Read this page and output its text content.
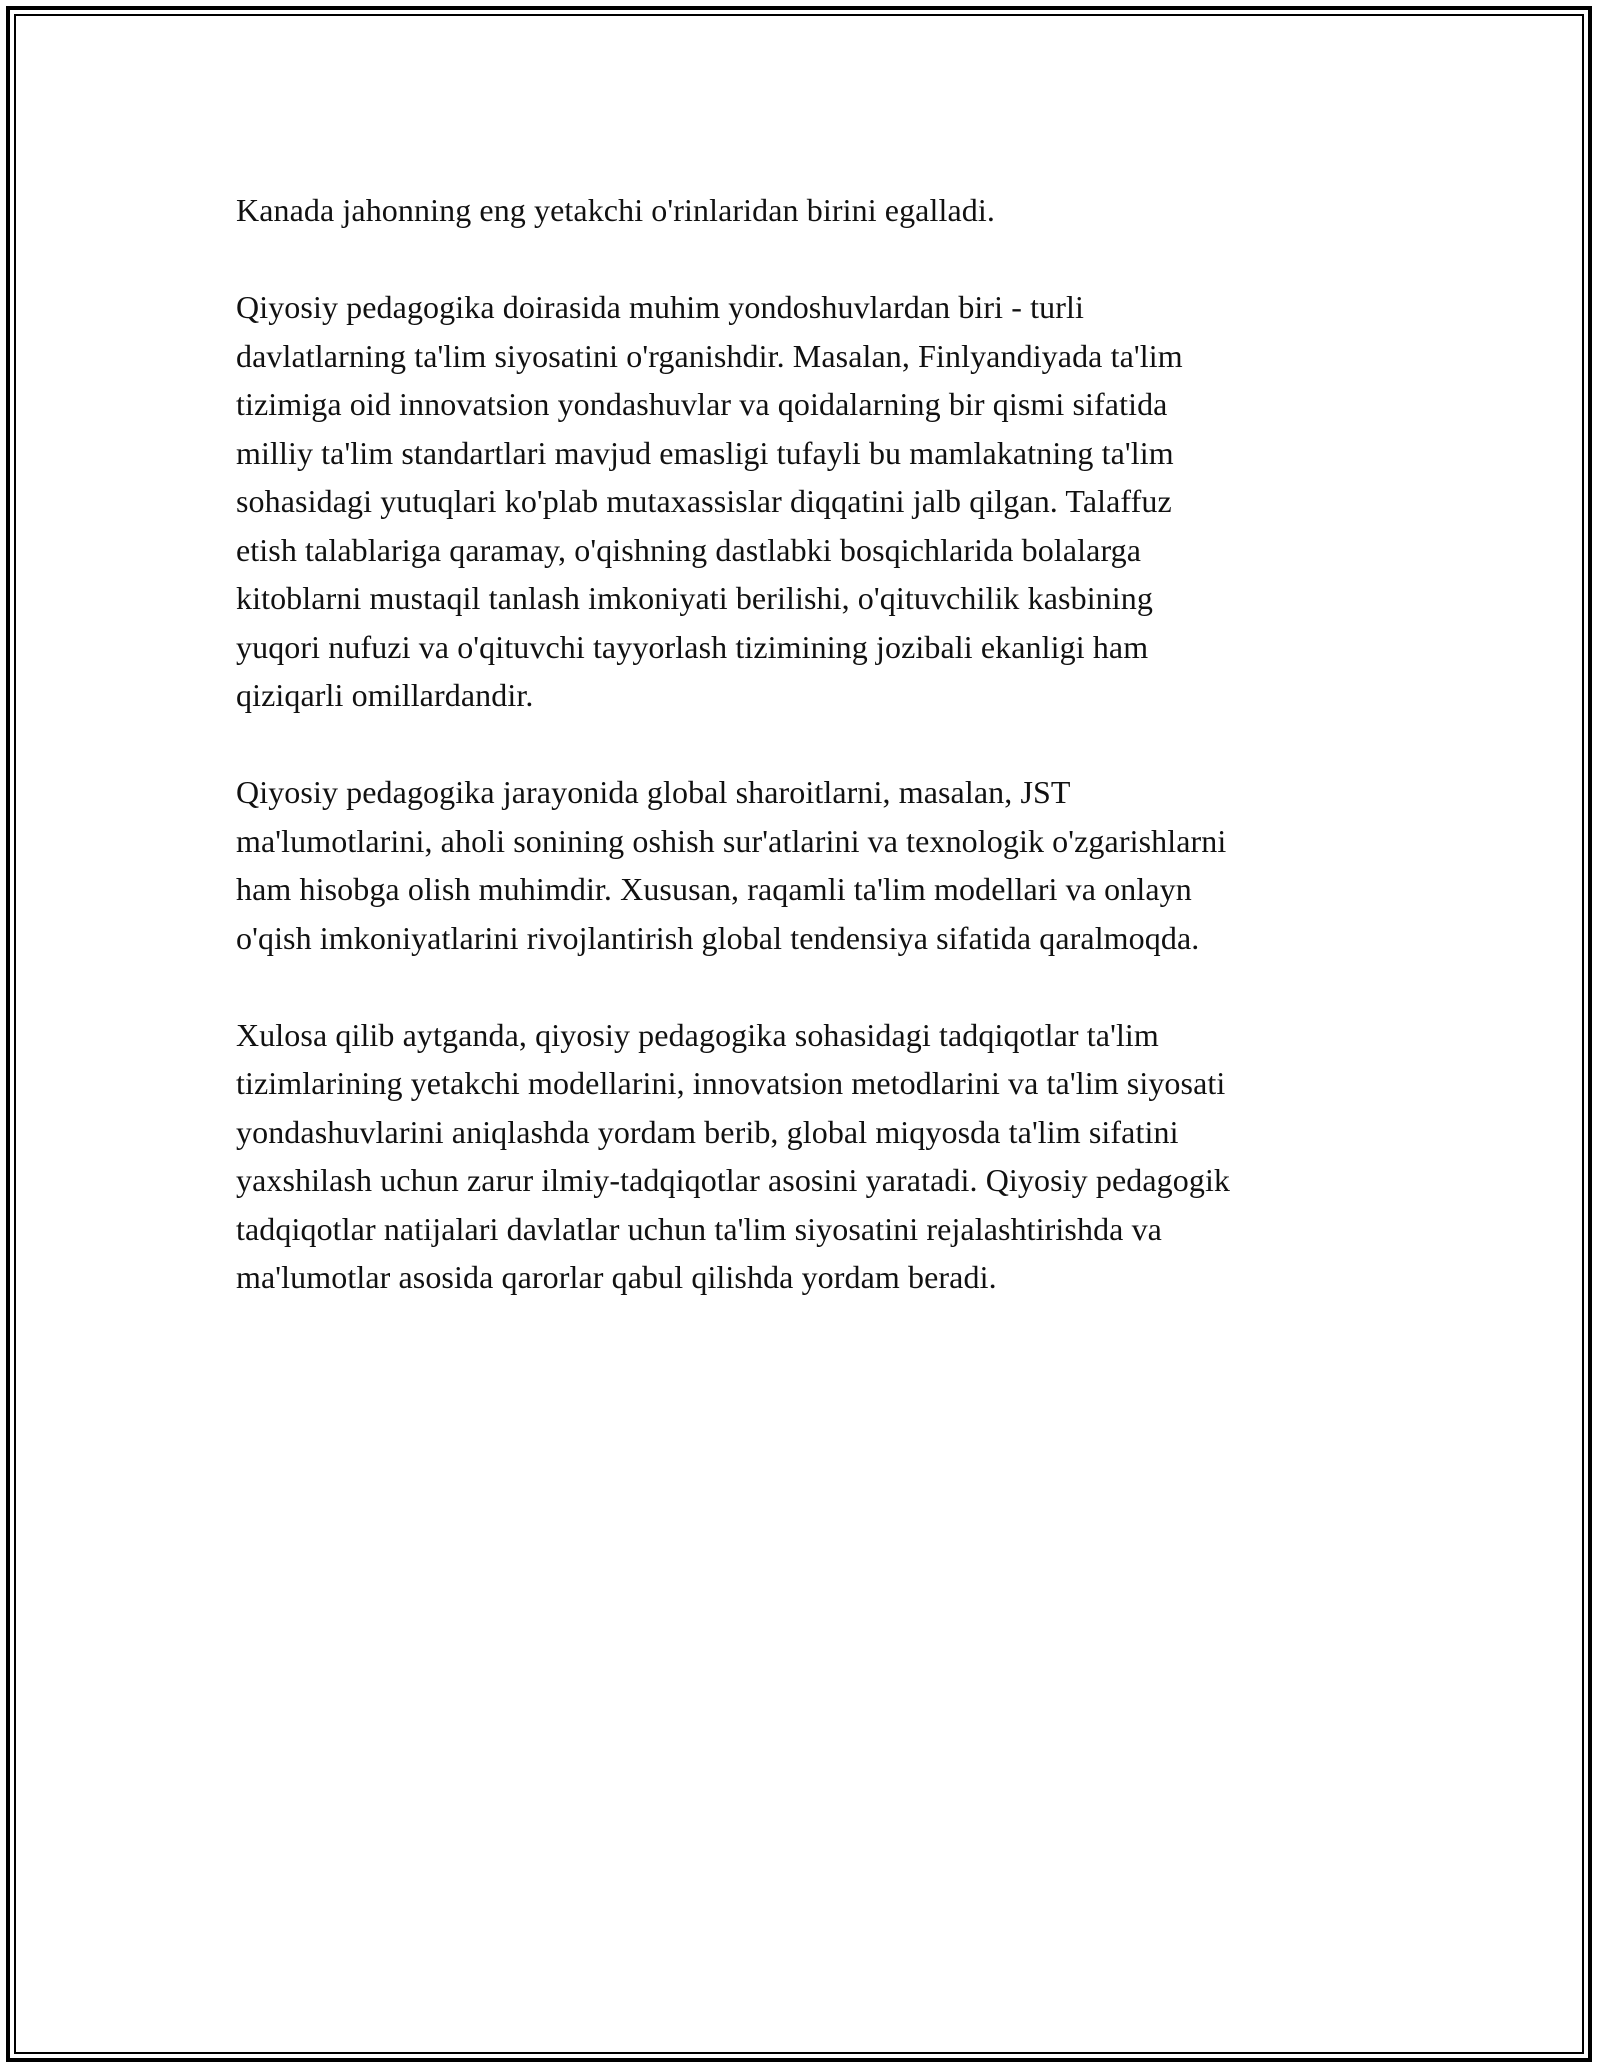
Kanada jahonning eng yetakchi o'rinlaridan birini egalladi.

Qiyosiy pedagogika doirasida muhim yondoshuvlardan biri - turli
davlatlarning ta'lim siyosatini o'rganishdir. Masalan, Finlyandiyada ta'lim
tizimiga oid innovatsion yondashuvlar va qoidalarning bir qismi sifatida
milliy ta'lim standartlari mavjud emasligi tufayli bu mamlakatning ta'lim
sohasidagi yutuqlari ko'plab mutaxassislar diqqatini jalb qilgan. Talaffuz
etish talablariga qaramay, o'qishning dastlabki bosqichlarida bolalarga
kitoblarni mustaqil tanlash imkoniyati berilishi, o'qituvchilik kasbining
yuqori nufuzi va o'qituvchi tayyorlash tizimining jozibali ekanligi ham
qiziqarli omillardandir.

Qiyosiy pedagogika jarayonida global sharoitlarni, masalan, JST
ma'lumotlarini, aholi sonining oshish sur'atlarini va texnologik o'zgarishlarni
ham hisobga olish muhimdir. Xususan, raqamli ta'lim modellari va onlayn
o'qish imkoniyatlarini rivojlantirish global tendensiya sifatida qaralmoqda.

Xulosa qilib aytganda, qiyosiy pedagogika sohasidagi tadqiqotlar ta'lim
tizimlarining yetakchi modellarini, innovatsion metodlarini va ta'lim siyosati
yondashuvlarini aniqlashda yordam berib, global miqyosda ta'lim sifatini
yaxshilash uchun zarur ilmiy-tadqiqotlar asosini yaratadi. Qiyosiy pedagogik
tadqiqotlar natijalari davlatlar uchun ta'lim siyosatini rejalashtirishda va
ma'lumotlar asosida qarorlar qabul qilishda yordam beradi.
